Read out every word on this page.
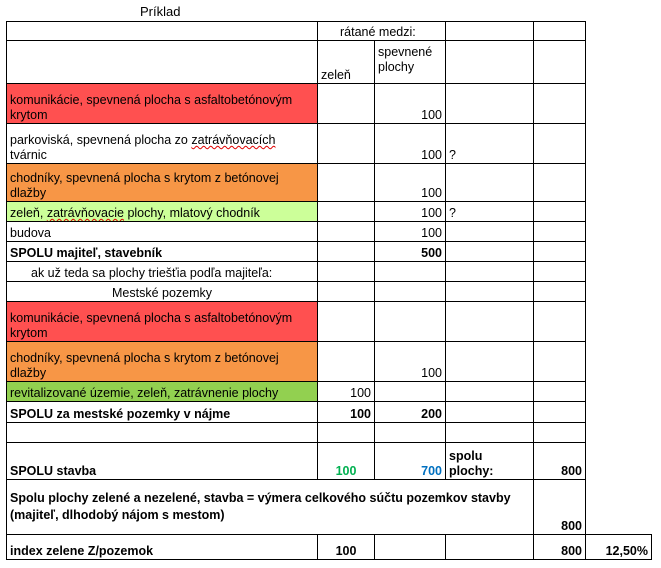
Príklad
	rátané medzi:				
	zeleň	spevnené plochy			
komunikácie, spevnená plocha s asfaltobetónovým krytom		100			
parkoviská, spevnená plocha zo zatrávňovacích tvárnic		100	?		
chodníky, spevnená plocha s krytom z betónovej dlažby		100			
zeleň, zatrávňovacie plochy, mlatový chodník		100	?		
budova		100			
SPOLU majiteľ, stavebník		500			
ak už teda sa plochy triešťia podľa majiteľa:					
Mestské pozemky					
komunikácie, spevnená plocha s asfaltobetónovým krytom					
chodníky, spevnená plocha s krytom z betónovej dlažby		100			
revitalizované územie, zeleň, zatrávnenie plochy	100				
SPOLU za mestské pozemky v nájme	100	200			

SPOLU stavba	100	700	spolu plochy:	800	
Spolu plochy zelené a nezelené, stavba = výmera celkového súčtu pozemkov stavby (majiteľ, dlhodobý nájom s mestom)				800	
index zelene Z/pozemok	100			800	12,50%
